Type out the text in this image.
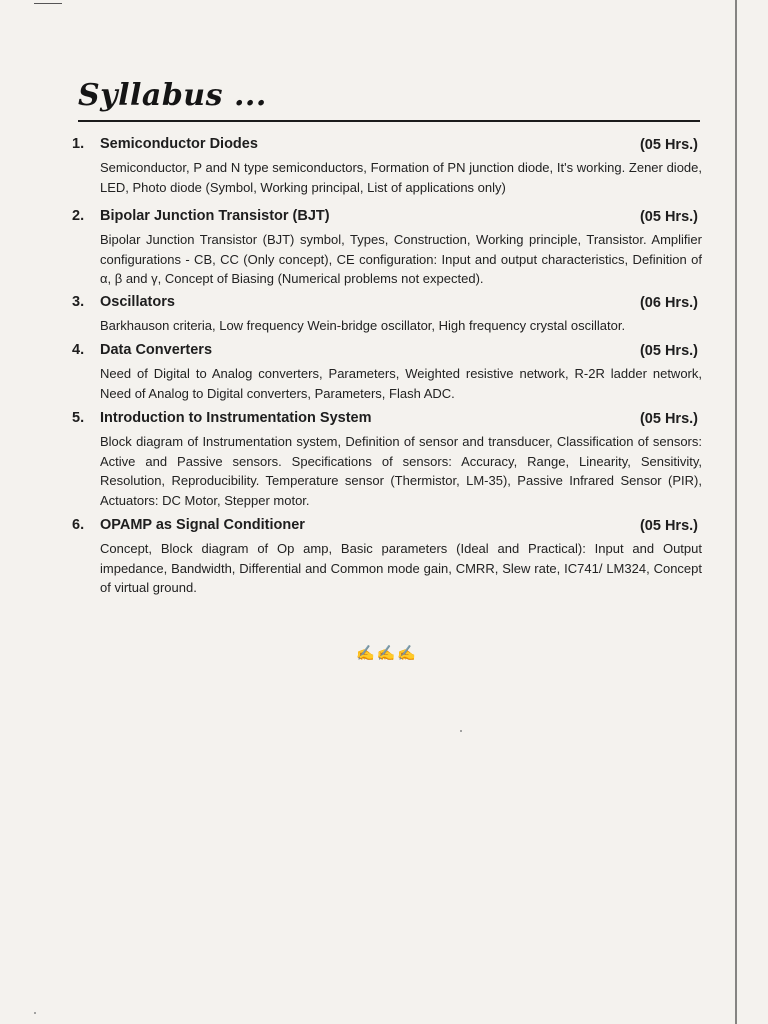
Syllabus ...
1. Semiconductor Diodes	(05 Hrs.)

Semiconductor, P and N type semiconductors, Formation of PN junction diode, It's working. Zener diode, LED, Photo diode (Symbol, Working principal, List of applications only)

2. Bipolar Junction Transistor (BJT)	(05 Hrs.)

Bipolar Junction Transistor (BJT) symbol, Types, Construction, Working principle, Transistor. Amplifier configurations - CB, CC (Only concept), CE configuration: Input and output characteristics, Definition of α, β and γ, Concept of Biasing (Numerical problems not expected).

3. Oscillators	(06 Hrs.)

Barkhauson criteria, Low frequency Wein-bridge oscillator, High frequency crystal oscillator.

4. Data Converters	(05 Hrs.)

Need of Digital to Analog converters, Parameters, Weighted resistive network, R-2R ladder network, Need of Analog to Digital converters, Parameters, Flash ADC.

5. Introduction to Instrumentation System	(05 Hrs.)

Block diagram of Instrumentation system, Definition of sensor and transducer, Classification of sensors: Active and Passive sensors. Specifications of sensors: Accuracy, Range, Linearity, Sensitivity, Resolution, Reproducibility. Temperature sensor (Thermistor, LM-35), Passive Infrared Sensor (PIR), Actuators: DC Motor, Stepper motor.

6. OPAMP as Signal Conditioner	(05 Hrs.)

Concept, Block diagram of Op amp, Basic parameters (Ideal and Practical): Input and Output impedance, Bandwidth, Differential and Common mode gain, CMRR, Slew rate, IC741/ LM324, Concept of virtual ground.

✍✍✍
